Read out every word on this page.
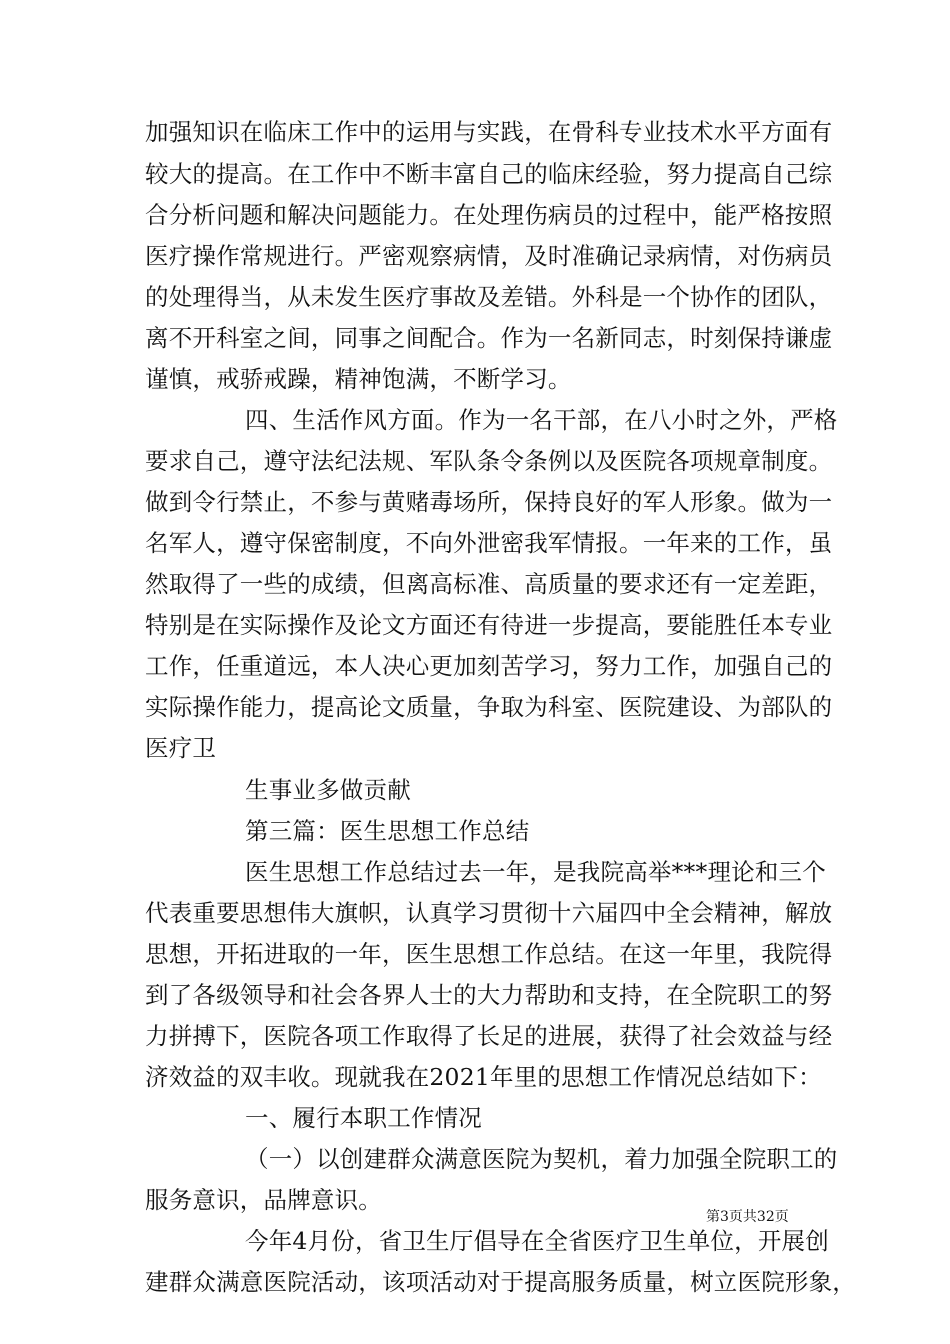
加强知识在临床工作中的运用与实践，在骨科专业技术水平方面有
较大的提高。在工作中不断丰富自己的临床经验，努力提高自己综
合分析问题和解决问题能力。在处理伤病员的过程中，能严格按照
医疗操作常规进行。严密观察病情，及时准确记录病情，对伤病员
的处理得当，从未发生医疗事故及差错。外科是一个协作的团队，
离不开科室之间，同事之间配合。作为一名新同志，时刻保持谦虚
谨慎，戒骄戒躁，精神饱满，不断学习。
四、生活作风方面。作为一名干部，在八小时之外，严格
要求自己，遵守法纪法规、军队条令条例以及医院各项规章制度。
做到令行禁止，不参与黄赌毒场所，保持良好的军人形象。做为一
名军人，遵守保密制度，不向外泄密我军情报。一年来的工作，虽
然取得了一些的成绩，但离高标准、高质量的要求还有一定差距，
特别是在实际操作及论文方面还有待进一步提高，要能胜任本专业
工作，任重道远，本人决心更加刻苦学习，努力工作，加强自己的
实际操作能力，提高论文质量，争取为科室、医院建设、为部队的
医疗卫
生事业多做贡献
第三篇：医生思想工作总结
医生思想工作总结过去一年，是我院高举***理论和三个
代表重要思想伟大旗帜，认真学习贯彻十六届四中全会精神，解放
思想，开拓进取的一年，医生思想工作总结。在这一年里，我院得
到了各级领导和社会各界人士的大力帮助和支持，在全院职工的努
力拼搏下，医院各项工作取得了长足的进展，获得了社会效益与经
济效益的双丰收。现就我在2021年里的思想工作情况总结如下：
一、履行本职工作情况
（一）以创建群众满意医院为契机，着力加强全院职工的
服务意识，品牌意识。
今年4月份，省卫生厅倡导在全省医疗卫生单位，开展创
建群众满意医院活动，该项活动对于提高服务质量，树立医院形象，
第3页共32页
